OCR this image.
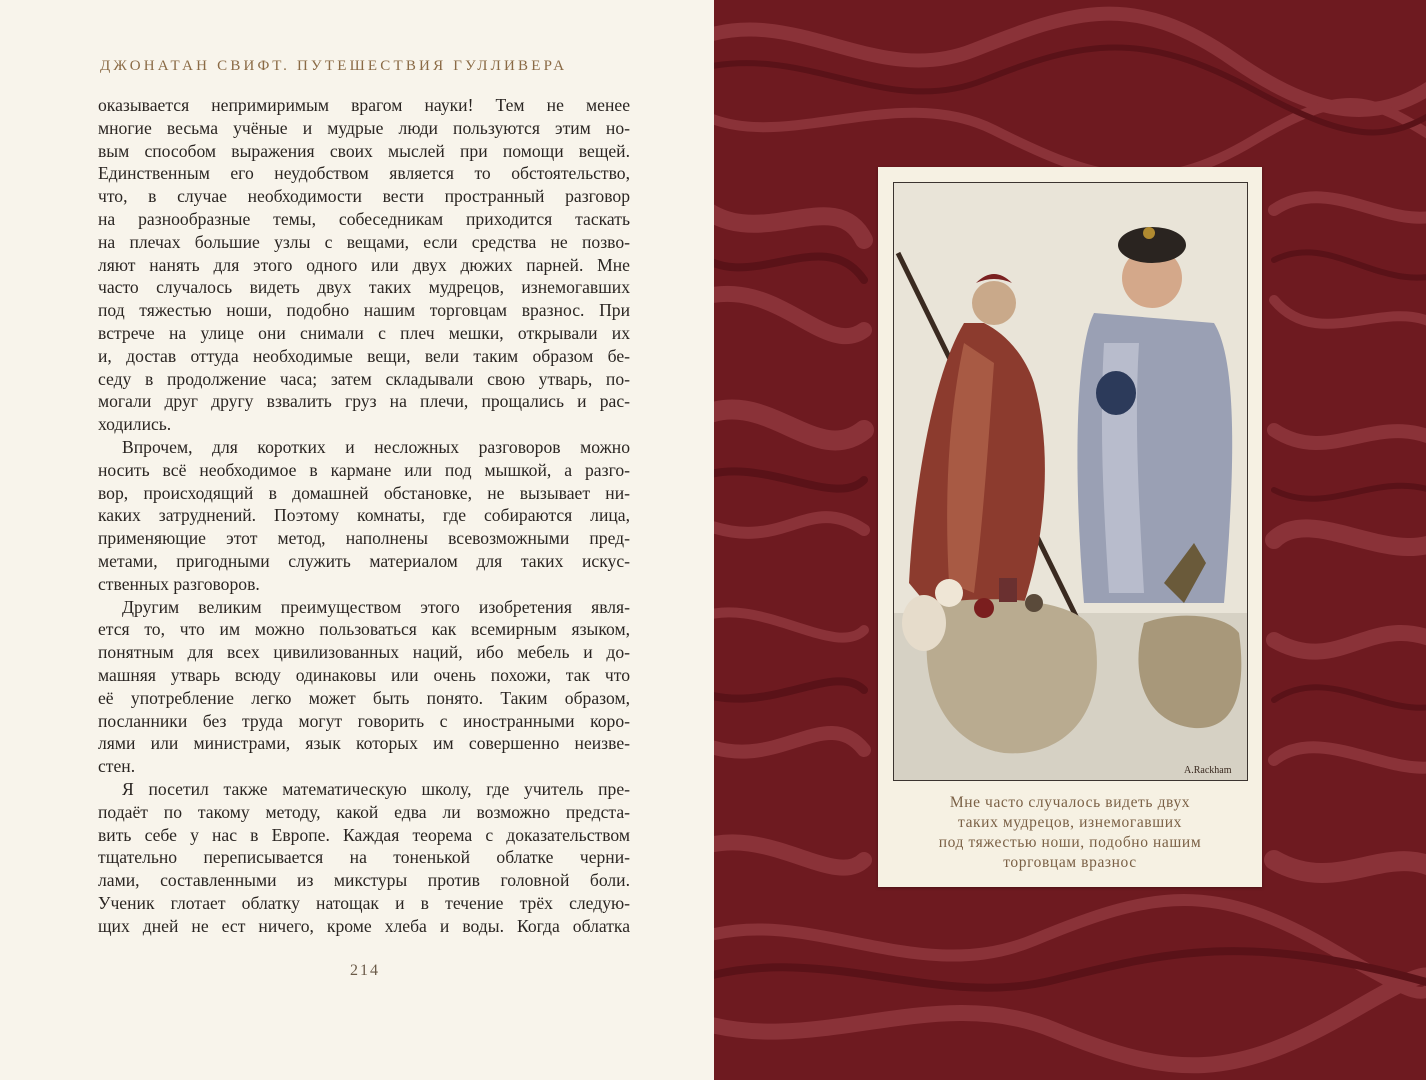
ДЖОНАТАН СВИФТ. ПУТЕШЕСТВИЯ ГУЛЛИВЕРА
оказывается непримиримым врагом науки! Тем не менее
многие весьма учёные и мудрые люди пользуются этим но-
вым способом выражения своих мыслей при помощи вещей.
Единственным его неудобством является то обстоятельство,
что, в случае необходимости вести пространный разговор
на разнообразные темы, собеседникам приходится таскать
на плечах большие узлы с вещами, если средства не позво-
ляют нанять для этого одного или двух дюжих парней. Мне
часто случалось видеть двух таких мудрецов, изнемогавших
под тяжестью ноши, подобно нашим торговцам вразнос. При
встрече на улице они снимали с плеч мешки, открывали их
и, достав оттуда необходимые вещи, вели таким образом бе-
седу в продолжение часа; затем складывали свою утварь, по-
могали друг другу взвалить груз на плечи, прощались и рас-
ходились.
Впрочем, для коротких и несложных разговоров можно
носить всё необходимое в кармане или под мышкой, а разго-
вор, происходящий в домашней обстановке, не вызывает ни-
каких затруднений. Поэтому комнаты, где собираются лица,
применяющие этот метод, наполнены всевозможными пред-
метами, пригодными служить материалом для таких искус-
ственных разговоров.
Другим великим преимуществом этого изобретения явля-
ется то, что им можно пользоваться как всемирным языком,
понятным для всех цивилизованных наций, ибо мебель и до-
машняя утварь всюду одинаковы или очень похожи, так что
её употребление легко может быть понято. Таким образом,
посланники без труда могут говорить с иностранными коро-
лями или министрами, язык которых им совершенно неизве-
стен.
Я посетил также математическую школу, где учитель пре-
подаёт по такому методу, какой едва ли возможно предста-
вить себе у нас в Европе. Каждая теорема с доказательством
тщательно переписывается на тоненькой облатке черни-
лами, составленными из микстуры против головной боли.
Ученик глотает облатку натощак и в течение трёх следую-
щих дней не ест ничего, кроме хлеба и воды. Когда облатка
214
A.Rackham
Мне часто случалось видеть двух
таких мудрецов, изнемогавших
под тяжестью ноши, подобно нашим
торговцам вразнос
